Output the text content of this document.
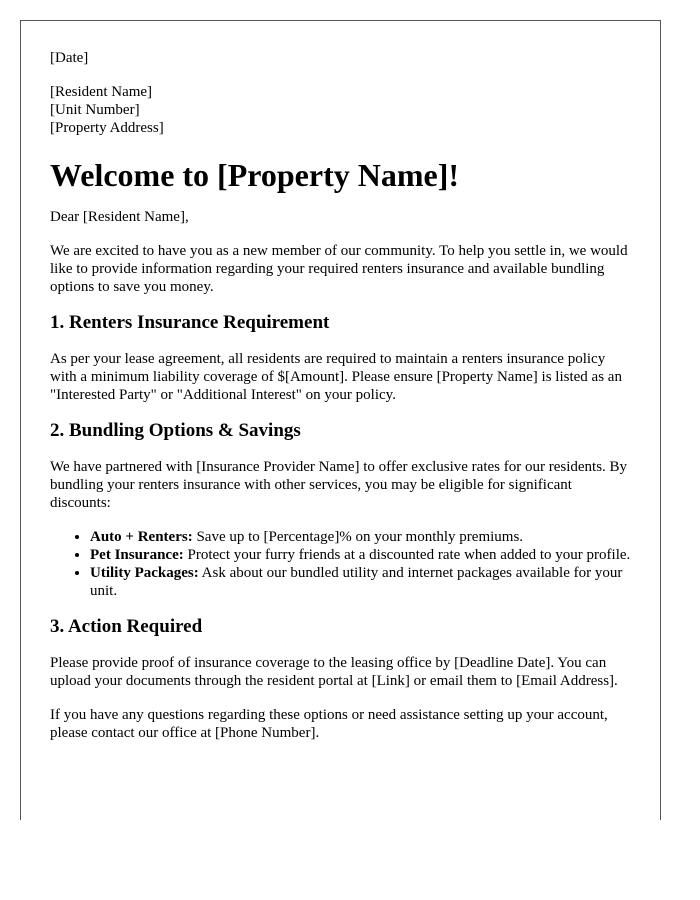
[Date]

[Resident Name]
[Unit Number]
[Property Address]
Welcome to [Property Name]!

Dear [Resident Name],

We are excited to have you as a new member of our community. To help you settle in, we would like to provide information regarding your required renters insurance and available bundling options to save you money.

1. Renters Insurance Requirement

As per your lease agreement, all residents are required to maintain a renters insurance policy with a minimum liability coverage of $[Amount]. Please ensure [Property Name] is listed as an "Interested Party" or "Additional Interest" on your policy.

2. Bundling Options & Savings

We have partnered with [Insurance Provider Name] to offer exclusive rates for our residents. By bundling your renters insurance with other services, you may be eligible for significant discounts:

• Auto + Renters: Save up to [Percentage]% on your monthly premiums.
• Pet Insurance: Protect your furry friends at a discounted rate when added to your profile.
• Utility Packages: Ask about our bundled utility and internet packages available for your unit.
3. Action Required

Please provide proof of insurance coverage to the leasing office by [Deadline Date]. You can upload your documents through the resident portal at [Link] or email them to [Email Address].

If you have any questions regarding these options or need assistance setting up your account, please contact our office at [Phone Number].
